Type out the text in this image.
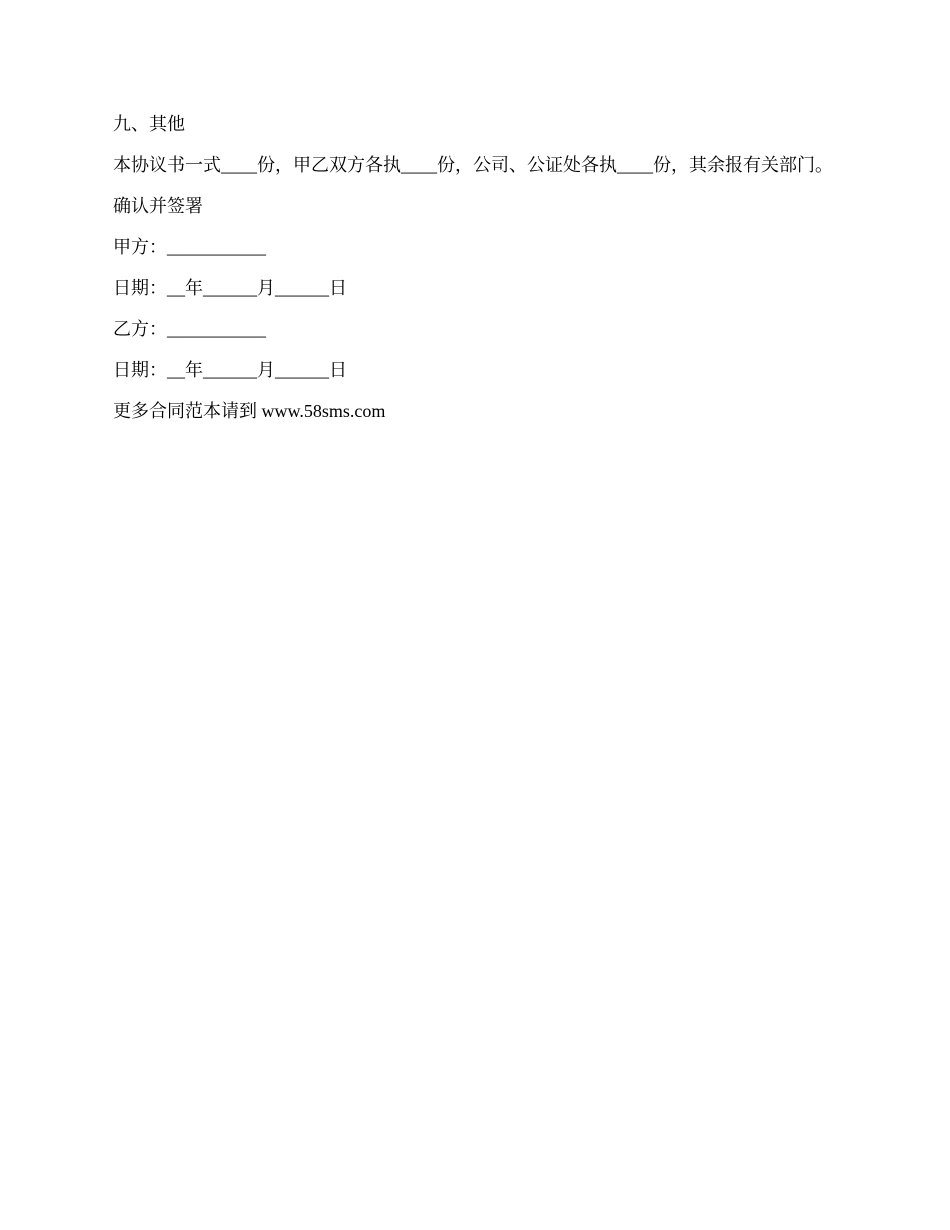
九、其他
本协议书一式____份，甲乙双方各执____份，公司、公证处各执____份，其余报有关部门。
确认并签署
甲方：___________
日期：__年______月______日
乙方：___________
日期：__年______月______日
更多合同范本请到 www.58sms.com
